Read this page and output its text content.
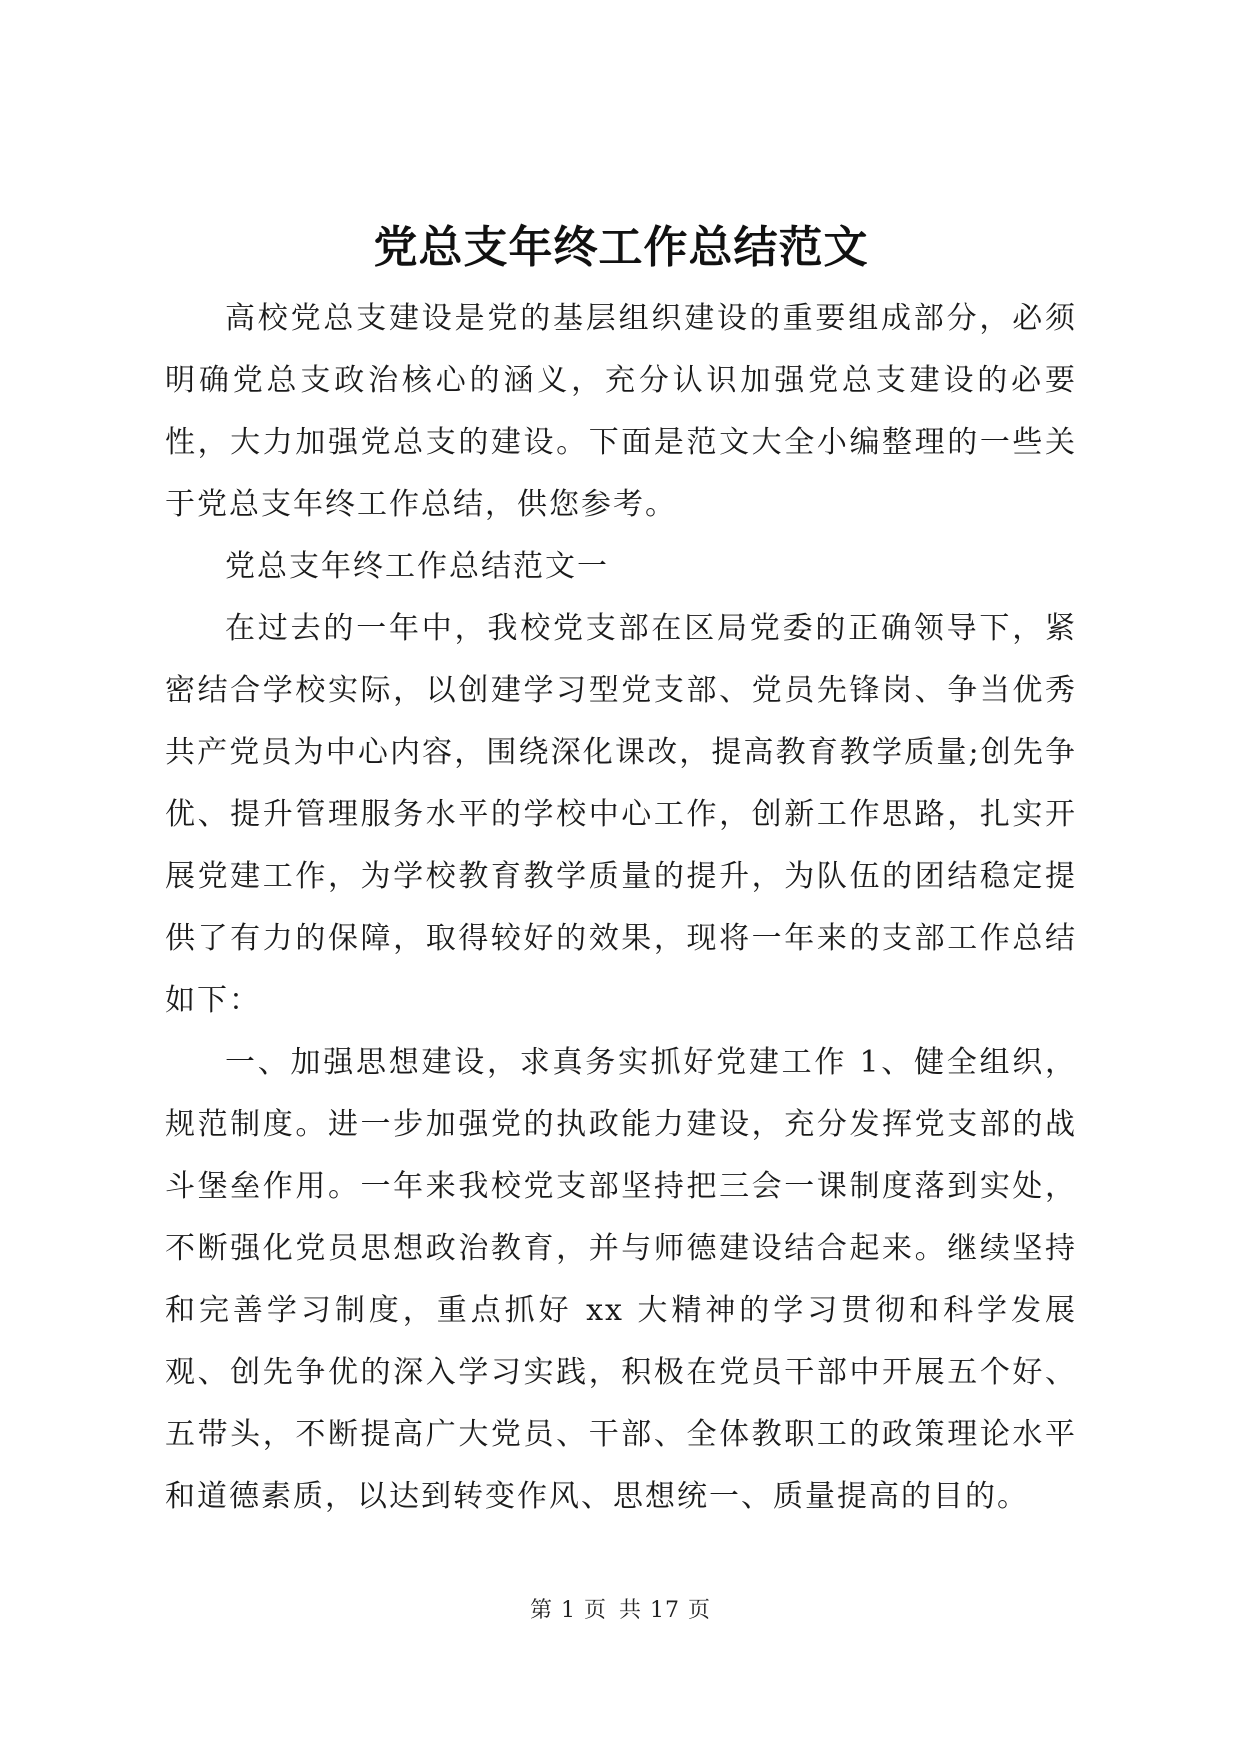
党总支年终工作总结范文

高校党总支建设是党的基层组织建设的重要组成部分，必须明确党总支政治核心的涵义，充分认识加强党总支建设的必要性，大力加强党总支的建设。下面是范文大全小编整理的一些关于党总支年终工作总结，供您参考。

党总支年终工作总结范文一

在过去的一年中，我校党支部在区局党委的正确领导下，紧密结合学校实际，以创建学习型党支部、党员先锋岗、争当优秀共产党员为中心内容，围绕深化课改，提高教育教学质量;创先争优、提升管理服务水平的学校中心工作，创新工作思路，扎实开展党建工作，为学校教育教学质量的提升，为队伍的团结稳定提供了有力的保障，取得较好的效果，现将一年来的支部工作总结如下：

一、加强思想建设，求真务实抓好党建工作 1、健全组织，规范制度。进一步加强党的执政能力建设，充分发挥党支部的战斗堡垒作用。一年来我校党支部坚持把三会一课制度落到实处，不断强化党员思想政治教育，并与师德建设结合起来。继续坚持和完善学习制度，重点抓好 xx 大精神的学习贯彻和科学发展观、创先争优的深入学习实践，积极在党员干部中开展五个好、五带头，不断提高广大党员、干部、全体教职工的政策理论水平和道德素质，以达到转变作风、思想统一、质量提高的目的。

第 1 页 共 17 页
